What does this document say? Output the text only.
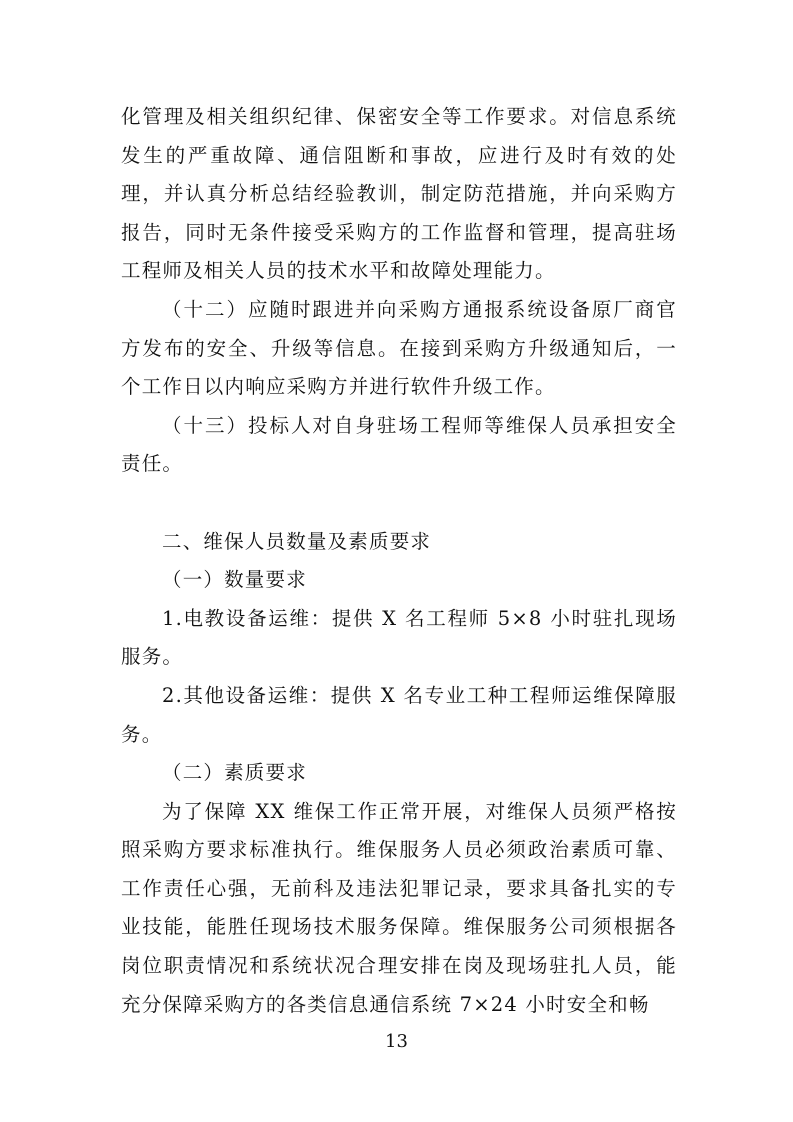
化管理及相关组织纪律、保密安全等工作要求。对信息系统发生的严重故障、通信阻断和事故，应进行及时有效的处理，并认真分析总结经验教训，制定防范措施，并向采购方报告，同时无条件接受采购方的工作监督和管理，提高驻场工程师及相关人员的技术水平和故障处理能力。

（十二）应随时跟进并向采购方通报系统设备原厂商官方发布的安全、升级等信息。在接到采购方升级通知后，一个工作日以内响应采购方并进行软件升级工作。

（十三）投标人对自身驻场工程师等维保人员承担安全责任。

二、维保人员数量及素质要求

（一）数量要求

1.电教设备运维：提供 X 名工程师 5×8 小时驻扎现场服务。

2.其他设备运维：提供 X 名专业工种工程师运维保障服务。

（二）素质要求

为了保障 XX 维保工作正常开展，对维保人员须严格按照采购方要求标准执行。维保服务人员必须政治素质可靠、工作责任心强，无前科及违法犯罪记录，要求具备扎实的专业技能，能胜任现场技术服务保障。维保服务公司须根据各岗位职责情况和系统状况合理安排在岗及现场驻扎人员，能充分保障采购方的各类信息通信系统 7×24 小时安全和畅

13
